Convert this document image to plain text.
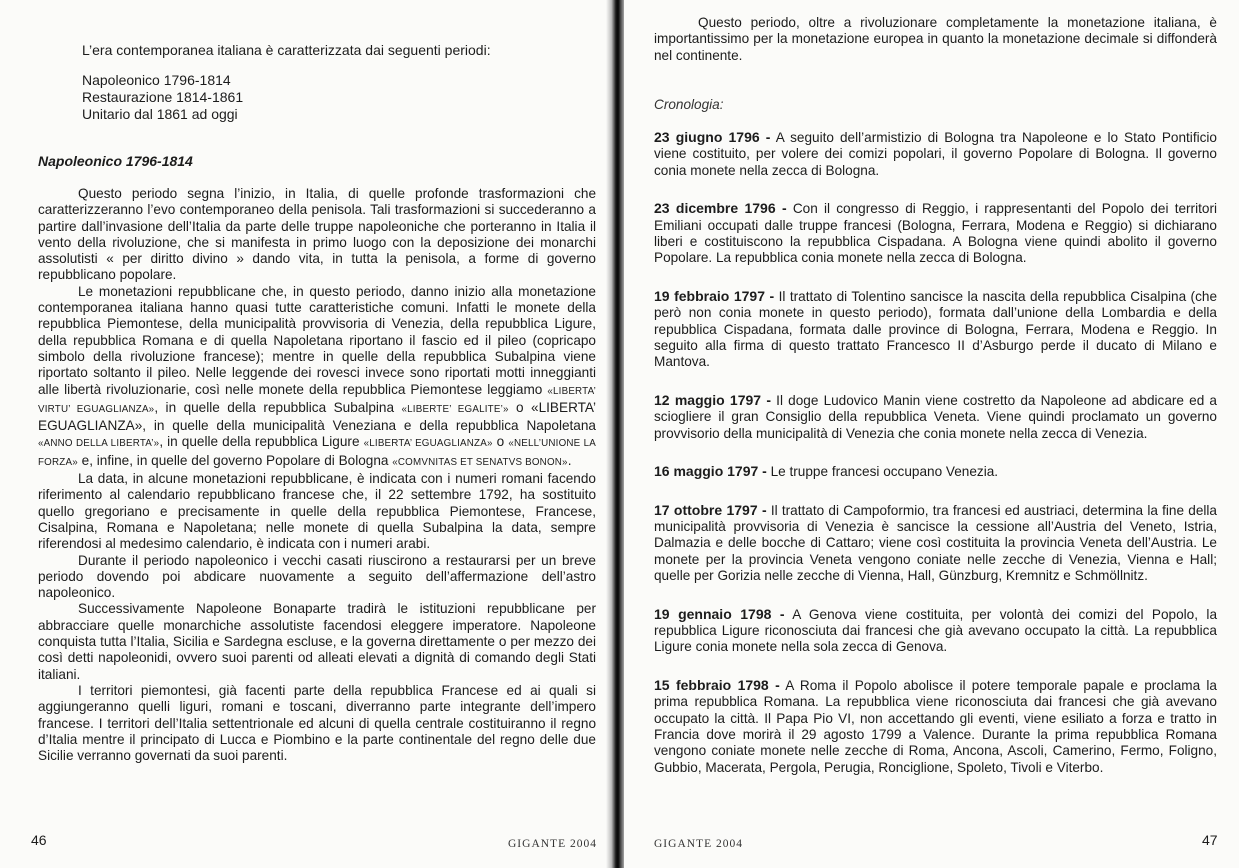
L’era contemporanea italiana è caratterizzata dai seguenti periodi:
Napoleonico 1796-1814
Restaurazione 1814-1861
Unitario dal 1861 ad oggi
Napoleonico 1796-1814

Questo periodo segna l’inizio, in Italia, di quelle profonde trasformazioni che caratterizzeranno l’evo contemporaneo della penisola. Tali trasformazioni si succederanno a partire dall’invasione dell’Italia da parte delle truppe napoleoniche che porteranno in Italia il vento della rivoluzione, che si manifesta in primo luogo con la deposizione dei monarchi assolutisti « per diritto divino » dando vita, in tutta la penisola, a forme di governo repubblicano popolare.

Le monetazioni repubblicane che, in questo periodo, danno inizio alla monetazione contemporanea italiana hanno quasi tutte caratteristiche comuni. Infatti le monete della repubblica Piemontese, della municipalità provvisoria di Venezia, della repubblica Ligure, della repubblica Romana e di quella Napoletana riportano il fascio ed il pileo (copricapo simbolo della rivoluzione francese); mentre in quelle della repubblica Subalpina viene riportato soltanto il pileo. Nelle leggende dei rovesci invece sono riportati motti inneggianti alle libertà rivoluzionarie, così nelle monete della repubblica Piemontese leggiamo «LIBERTA’ VIRTU’ EGUAGLIANZA», in quelle della repubblica Subalpina «LIBERTE’ EGALITE’» o «LIBERTA’ EGUAGLIANZA», in quelle della municipalità Veneziana e della repubblica Napoletana «ANNO DELLA LIBERTA’», in quelle della repubblica Ligure «LIBERTA’ EGUAGLIANZA» o «NELL’UNIONE LA FORZA» e, infine, in quelle del governo Popolare di Bologna «COMVNITAS ET SENATVS BONON».

La data, in alcune monetazioni repubblicane, è indicata con i numeri romani facendo riferimento al calendario repubblicano francese che, il 22 settembre 1792, ha sostituito quello gregoriano e precisamente in quelle della repubblica Piemontese, Francese, Cisalpina, Romana e Napoletana; nelle monete di quella Subalpina la data, sempre riferendosi al medesimo calendario, è indicata con i numeri arabi.

Durante il periodo napoleonico i vecchi casati riuscirono a restaurarsi per un breve periodo dovendo poi abdicare nuovamente a seguito dell’affermazione dell’astro napoleonico.

Successivamente Napoleone Bonaparte tradirà le istituzioni repubblicane per abbracciare quelle monarchiche assolutiste facendosi eleggere imperatore. Napoleone conquista tutta l’Italia, Sicilia e Sardegna escluse, e la governa direttamente o per mezzo dei così detti napoleonidi, ovvero suoi parenti od alleati elevati a dignità di comando degli Stati italiani.

I territori piemontesi, già facenti parte della repubblica Francese ed ai quali si aggiungeranno quelli liguri, romani e toscani, diverranno parte integrante dell’impero francese. I territori dell’Italia settentrionale ed alcuni di quella centrale costituiranno il regno d’Italia mentre il principato di Lucca e Piombino e la parte continentale del regno delle due Sicilie verranno governati da suoi parenti.

46	GIGANTE 2004

Questo periodo, oltre a rivoluzionare completamente la monetazione italiana, è importantissimo per la monetazione europea in quanto la monetazione decimale si diffonderà nel continente.

Cronologia:

23 giugno 1796 - A seguito dell’armistizio di Bologna tra Napoleone e lo Stato Pontificio viene costituito, per volere dei comizi popolari, il governo Popolare di Bologna. Il governo conia monete nella zecca di Bologna.

23 dicembre 1796 - Con il congresso di Reggio, i rappresentanti del Popolo dei territori Emiliani occupati dalle truppe francesi (Bologna, Ferrara, Modena e Reggio) si dichiarano liberi e costituiscono la repubblica Cispadana. A Bologna viene quindi abolito il governo Popolare. La repubblica conia monete nella zecca di Bologna.

19 febbraio 1797 - Il trattato di Tolentino sancisce la nascita della repubblica Cisalpina (che però non conia monete in questo periodo), formata dall’unione della Lombardia e della repubblica Cispadana, formata dalle province di Bologna, Ferrara, Modena e Reggio. In seguito alla firma di questo trattato Francesco II d’Asburgo perde il ducato di Milano e Mantova.

12 maggio 1797 - Il doge Ludovico Manin viene costretto da Napoleone ad abdicare ed a sciogliere il gran Consiglio della repubblica Veneta. Viene quindi proclamato un governo provvisorio della municipalità di Venezia che conia monete nella zecca di Venezia.

16 maggio 1797 - Le truppe francesi occupano Venezia.

17 ottobre 1797 - Il trattato di Campoformio, tra francesi ed austriaci, determina la fine della municipalità provvisoria di Venezia è sancisce la cessione all’Austria del Veneto, Istria, Dalmazia e delle bocche di Cattaro; viene così costituita la provincia Veneta dell’Austria. Le monete per la provincia Veneta vengono coniate nelle zecche di Venezia, Vienna e Hall; quelle per Gorizia nelle zecche di Vienna, Hall, Günzburg, Kremnitz e Schmöllnitz.

19 gennaio 1798 - A Genova viene costituita, per volontà dei comizi del Popolo, la repubblica Ligure riconosciuta dai francesi che già avevano occupato la città. La repubblica Ligure conia monete nella sola zecca di Genova.

15 febbraio 1798 - A Roma il Popolo abolisce il potere temporale papale e proclama la prima repubblica Romana. La repubblica viene riconosciuta dai francesi che già avevano occupato la città. Il Papa Pio VI, non accettando gli eventi, viene esiliato a forza e tratto in Francia dove morirà il 29 agosto 1799 a Valence. Durante la prima repubblica Romana vengono coniate monete nelle zecche di Roma, Ancona, Ascoli, Camerino, Fermo, Foligno, Gubbio, Macerata, Pergola, Perugia, Ronciglione, Spoleto, Tivoli e Viterbo.

GIGANTE 2004	47
